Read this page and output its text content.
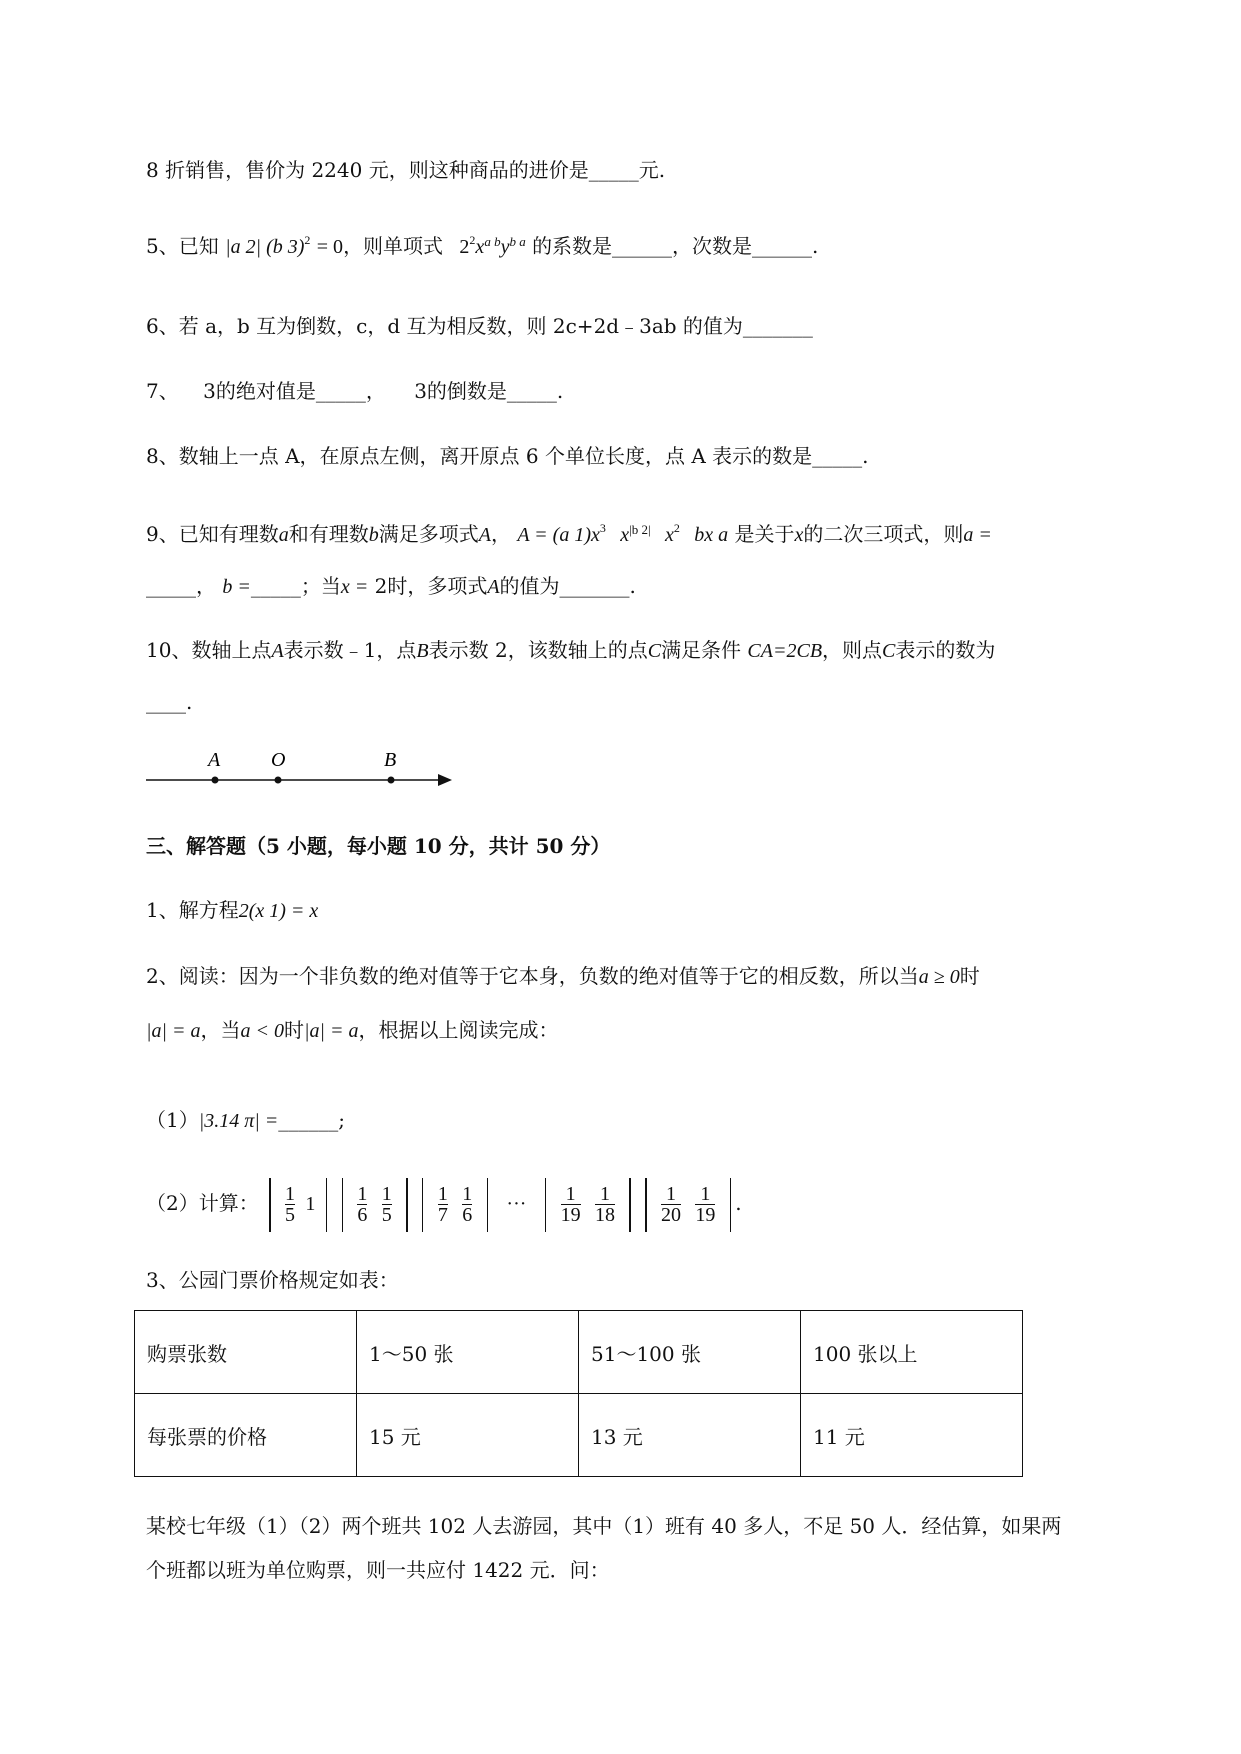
8 折销售，售价为 2240 元，则这种商品的进价是_____元.
5、已知 |a 2| (b 3)$^2$ = 0，则单项式 $2^2x^{a b}y^{b a}$ 的系数是______，次数是______.
6、若 a，b 互为倒数，c，d 互为相反数，则 2c+2d﹣3ab 的值为_______
7、 3的绝对值是_____， 3的倒数是_____.
8、数轴上一点 A，在原点左侧，离开原点 6 个单位长度，点 A 表示的数是_____.
9、已知有理数a和有理数b满足多项式A， A = (a $1)x^3$ $x^{|b 2|}$ $x^2$ bx a 是关于x的二次三项式，则a =
_____， b =_____；当x = 2时，多项式A的值为_______.
10、数轴上点A表示数﹣1，点B表示数 2，该数轴上的点C满足条件 CA=2CB，则点C表示的数为
____.
A	O	B
三、解答题（5 小题，每小题 10 分，共计 50 分）
1、解方程2(x 1) = x
2、阅读：因为一个非负数的绝对值等于它本身，负数的绝对值等于它的相反数，所以当a ≥ 0时
|a| = a，当a < 0时|a| = a，根据以上阅读完成：
（1）|3.14 π| =______;
（2）计算： $\frac{1}{5} 1 \frac{1}{6}$
$\frac{1}{5}$
$\frac{1}{7}$
$\frac{1}{6}$ ··· $\frac{1}{19}$
$\frac{1}{18}$
$\frac{1}{20}$
$\frac{1}{19}$ .
3、公园门票价格规定如表：
购票张数	1～50 张	51～100 张	100 张以上
每张票的价格	15 元	13 元	11 元
某校七年级（1）（2）两个班共 102 人去游园，其中（1）班有 40 多人，不足 50 人．经估算，如果两
个班都以班为单位购票，则一共应付 1422 元．问：
